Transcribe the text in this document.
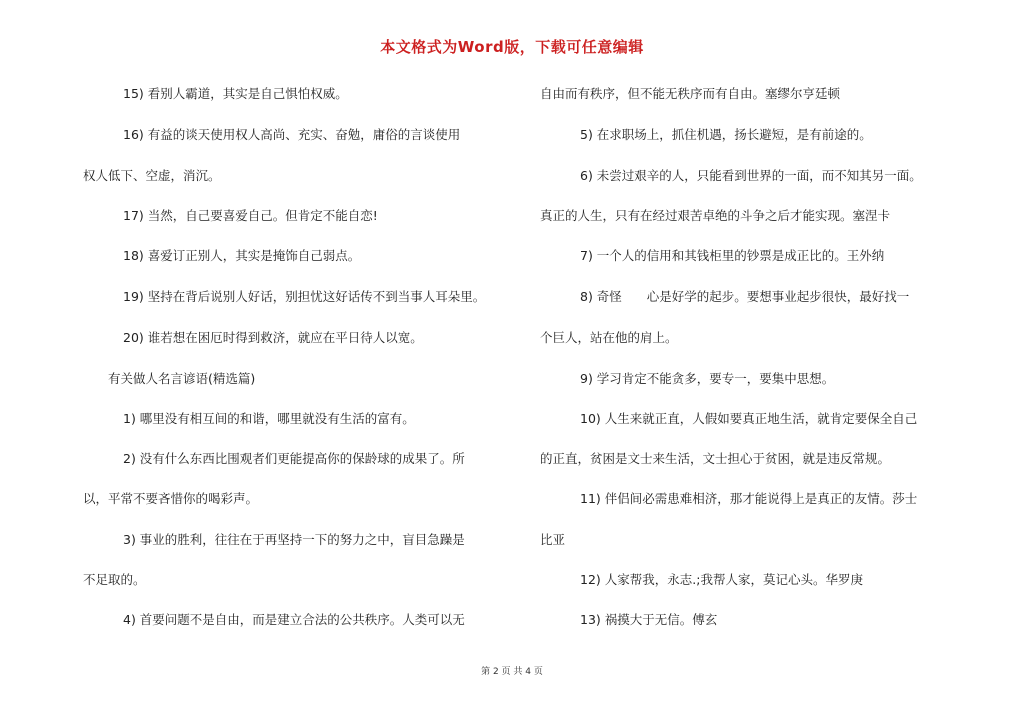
本文格式为Word版，下载可任意编辑
15) 看别人霸道，其实是自己惧怕权威。
16) 有益的谈天使用权人高尚、充实、奋勉，庸俗的言谈使用
权人低下、空虚，消沉。
17) 当然，自己要喜爱自己。但肯定不能自恋!
18) 喜爱订正别人，其实是掩饰自己弱点。
19) 坚持在背后说别人好话，别担忧这好话传不到当事人耳朵里。
20) 谁若想在困厄时得到救济，就应在平日待人以宽。
有关做人名言谚语(精选篇)
1) 哪里没有相互间的和谐，哪里就没有生活的富有。
2) 没有什么东西比围观者们更能提高你的保龄球的成果了。所
以，平常不要吝惜你的喝彩声。
3) 事业的胜利，往往在于再坚持一下的努力之中，盲目急躁是
不足取的。
4) 首要问题不是自由，而是建立合法的公共秩序。人类可以无
自由而有秩序，但不能无秩序而有自由。塞缪尔亨廷顿
5) 在求职场上，抓住机遇，扬长避短，是有前途的。
6) 未尝过艰辛的人，只能看到世界的一面，而不知其另一面。
真正的人生，只有在经过艰苦卓绝的斗争之后才能实现。塞涅卡
7) 一个人的信用和其钱柜里的钞票是成正比的。王外纳
8) 奇怪　　心是好学的起步。要想事业起步很快，最好找一
个巨人，站在他的肩上。
9) 学习肯定不能贪多，要专一，要集中思想。
10) 人生来就正直，人假如要真正地生活，就肯定要保全自己
的正直，贫困是文士来生活，文士担心于贫困，就是违反常规。
11) 伴侣间必需患难相济，那才能说得上是真正的友情。莎士
比亚
12) 人家帮我，永志.;我帮人家，莫记心头。华罗庚
13) 祸摸大于无信。傅玄
第 2 页 共 4 页
